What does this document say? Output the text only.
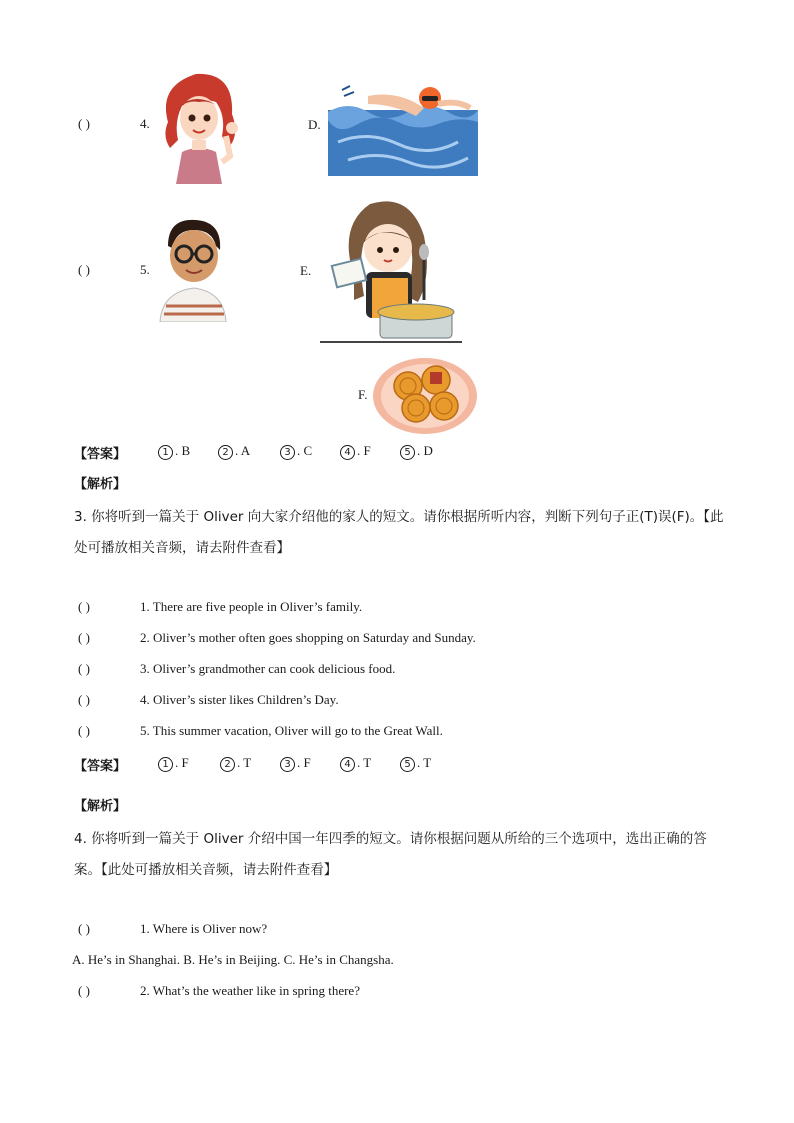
( )	4.	D.
( )	5.	E.
F.
【答案】	1 . B	2 . A	3 . C	4 . F	5 . D
【解析】
3. 你将听到一篇关于 Oliver 向大家介绍他的家人的短文。请你根据所听内容，判断下列句子正(T)误(F)。【此
处可播放相关音频，请去附件查看】
( )	1. There are five people in Oliver’s family.
( )	2. Oliver’s mother often goes shopping on Saturday and Sunday.
( )	3. Oliver’s grandmother can cook delicious food.
( )	4. Oliver’s sister likes Children’s Day.
( )	5. This summer vacation, Oliver will go to the Great Wall.
【答案】	1 . F	2 . T	3 . F	4 . T	5 . T
【解析】
4. 你将听到一篇关于 Oliver 介绍中国一年四季的短文。请你根据问题从所给的三个选项中，选出正确的答
案。【此处可播放相关音频，请去附件查看】
( )	1. Where is Oliver now?
A. He’s in Shanghai. B. He’s in Beijing. C. He’s in Changsha.
( )	2. What’s the weather like in spring there?
